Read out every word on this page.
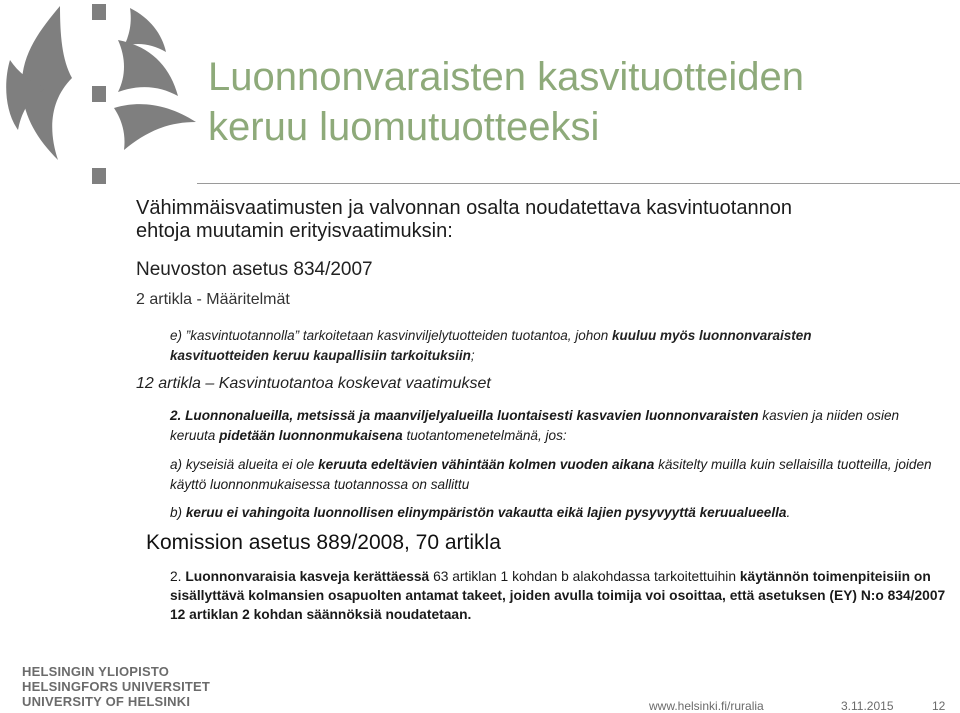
Luonnonvaraisten kasvituotteiden
keruu luomutuotteeksi
Vähimmäisvaatimusten ja valvonnan osalta noudatettava kasvintuotannon
ehtoja muutamin erityisvaatimuksin:
Neuvoston asetus 834/2007
2 artikla - Määritelmät
e) ”kasvintuotannolla” tarkoitetaan kasvinviljelytuotteiden tuotantoa, johon kuuluu myös luonnonvaraisten kasvituotteiden keruu kaupallisiin tarkoituksiin;
12 artikla – Kasvintuotantoa koskevat vaatimukset
2. Luonnonalueilla, metsissä ja maanviljelyalueilla luontaisesti kasvavien luonnonvaraisten kasvien ja niiden osien keruuta pidetään luonnonmukaisena tuotantomenetelmänä, jos:
a) kyseisiä alueita ei ole keruuta edeltävien vähintään kolmen vuoden aikana käsitelty muilla kuin sellaisilla tuotteilla, joiden käyttö luonnonmukaisessa tuotannossa on sallittu
b) keruu ei vahingoita luonnollisen elinympäristön vakautta eikä lajien pysyvyyttä keruualueella.
Komission asetus 889/2008, 70 artikla
2. Luonnonvaraisia kasveja kerättäessä 63 artiklan 1 kohdan b alakohdassa tarkoitettuihin käytännön toimenpiteisiin on sisällyttävä kolmansien osapuolten antamat takeet, joiden avulla toimija voi osoittaa, että asetuksen (EY) N:o 834/2007 12 artiklan 2 kohdan säännöksiä noudatetaan.
HELSINGIN YLIOPISTO
HELSINGFORS UNIVERSITET
UNIVERSITY OF HELSINKI	www.helsinki.fi/ruralia	3.11.2015	12
